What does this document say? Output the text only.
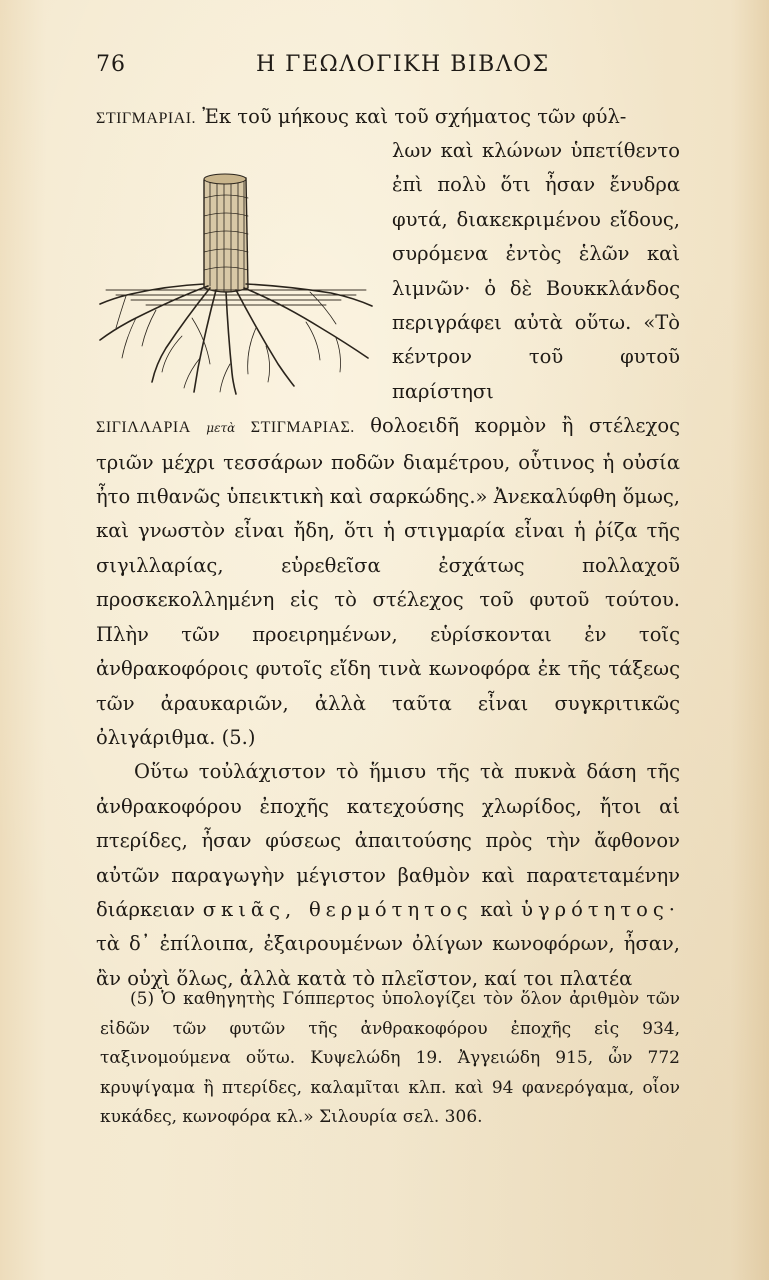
76	Η ΓΕΩΛΟΓΙΚΗ ΒΙΒΛΟΣ

ΣΤΙΓΜΑΡΙΑΙ. Ἐκ τοῦ μήκους καὶ τοῦ σχήματος τῶν φύλ-
λων καὶ κλώνων ὑπετίθεντο ἐπὶ πολὺ ὅτι ἦσαν ἔνυδρα φυτά, διακεκριμένου εἴδους, συρόμενα ἐντὸς ἑλῶν καὶ λιμνῶν· ὁ δὲ Βουκκλάνδος περιγράφει αὐτὰ οὕτω. «Τὸ κέντρον τοῦ φυτοῦ παρίστησι
ΣΙΓΙΛΛΑΡΙΑ μετὰ ΣΤΙΓΜΑΡΙΑΣ. θολοειδῆ κορμὸν ἢ στέλεχος τριῶν μέχρι τεσσάρων ποδῶν διαμέτρου, οὗτινος ἡ οὐσία ἦτο πιθανῶς ὑπεικτικὴ καὶ σαρκώδης.» Ἀνεκαλύφθη ὅμως, καὶ γνωστὸν εἶναι ἤδη, ὅτι ἡ στιγμαρία εἶναι ἡ ῥίζα τῆς σιγιλλαρίας, εὑρεθεῖσα ἐσχάτως πολλαχοῦ προσκεκολλημένη εἰς τὸ στέλεχος τοῦ φυτοῦ τούτου. Πλὴν τῶν προειρημένων, εὑρίσκονται ἐν τοῖς ἀνθρακοφόροις φυτοῖς εἴδη τινὰ κωνοφόρα ἐκ τῆς τάξεως τῶν ἀραυκαριῶν, ἀλλὰ ταῦτα εἶναι συγκριτικῶς ὀλιγάριθμα. (5.)

Οὕτω τοὐλάχιστον τὸ ἥμισυ τῆς τὰ πυκνὰ δάση τῆς ἀνθρακοφόρου ἐποχῆς κατεχούσης χλωρίδος, ἤτοι αἱ πτερίδες, ἦσαν φύσεως ἀπαιτούσης πρὸς τὴν ἄφθονον αὐτῶν παραγωγὴν μέγιστον βαθμὸν καὶ παρατεταμένην διάρκειαν σκιᾶς, θερμότητος καὶ ὑγρότητος· τὰ δ᾽ ἐπίλοιπα, ἐξαιρουμένων ὀλίγων κωνοφόρων, ἦσαν, ἂν οὐχὶ ὅλως, ἀλλὰ κατὰ τὸ πλεῖστον, καί τοι πλατέα

(5) Ὁ καθηγητὴς Γόππερτος ὑπολογίζει τὸν ὅλον ἀριθμὸν τῶν εἰδῶν τῶν φυτῶν τῆς ἀνθρακοφόρου ἐποχῆς εἰς 934, ταξινομούμενα οὕτω. Κυψελώδη 19. Ἀγγειώδη 915, ὧν 772 κρυψίγαμα ἢ πτερίδες, καλαμῖται κλπ. καὶ 94 φανερόγαμα, οἷον κυκάδες, κωνοφόρα κλ.» Σιλουρία σελ. 306.
